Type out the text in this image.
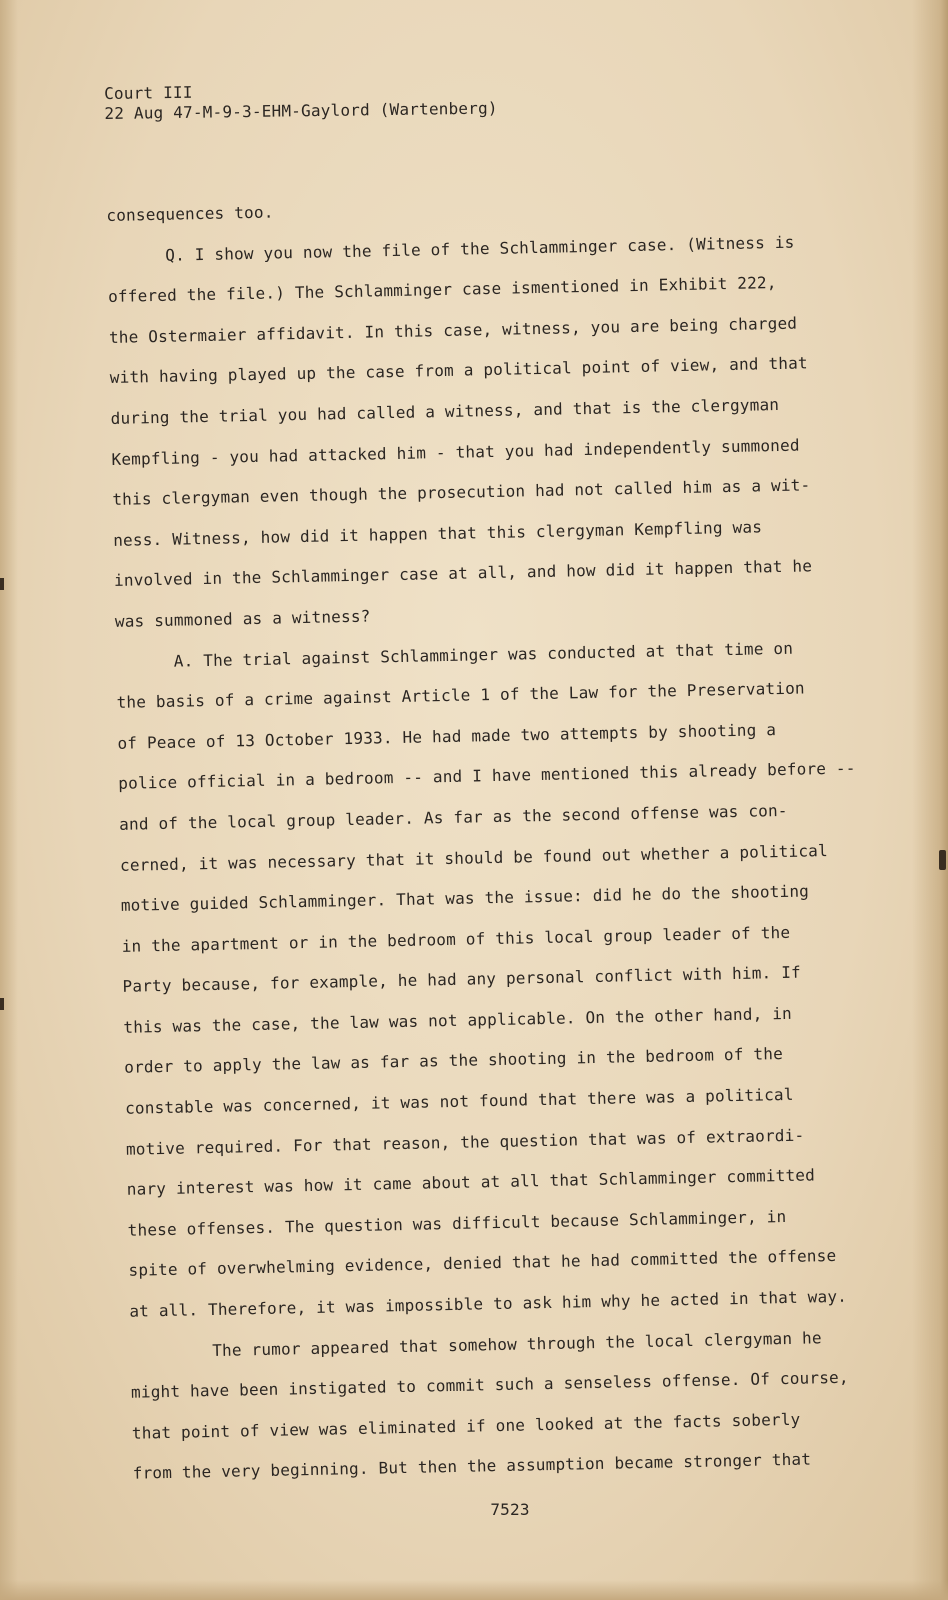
Court III
22 Aug 47-M-9-3-EHM-Gaylord (Wartenberg)
consequences too.
Q. I show you now the file of the Schlamminger case. (Witness is
offered the file.) The Schlamminger case ismentioned in Exhibit 222,
the Ostermaier affidavit. In this case, witness, you are being charged
with having played up the case from a political point of view, and that
during the trial you had called a witness, and that is the clergyman
Kempfling - you had attacked him - that you had independently summoned
this clergyman even though the prosecution had not called him as a wit-
ness. Witness, how did it happen that this clergyman Kempfling was
involved in the Schlamminger case at all, and how did it happen that he
was summoned as a witness?
A. The trial against Schlamminger was conducted at that time on
the basis of a crime against Article 1 of the Law for the Preservation
of Peace of 13 October 1933. He had made two attempts by shooting a
police official in a bedroom -- and I have mentioned this already before --
and of the local group leader. As far as the second offense was con-
cerned, it was necessary that it should be found out whether a political
motive guided Schlamminger. That was the issue: did he do the shooting
in the apartment or in the bedroom of this local group leader of the
Party because, for example, he had any personal conflict with him. If
this was the case, the law was not applicable. On the other hand, in
order to apply the law as far as the shooting in the bedroom of the
constable was concerned, it was not found that there was a political
motive required. For that reason, the question that was of extraordi-
nary interest was how it came about at all that Schlamminger committed
these offenses. The question was difficult because Schlamminger, in
spite of overwhelming evidence, denied that he had committed the offense
at all. Therefore, it was impossible to ask him why he acted in that way.
The rumor appeared that somehow through the local clergyman he
might have been instigated to commit such a senseless offense. Of course,
that point of view was eliminated if one looked at the facts soberly
from the very beginning. But then the assumption became stronger that
7523
